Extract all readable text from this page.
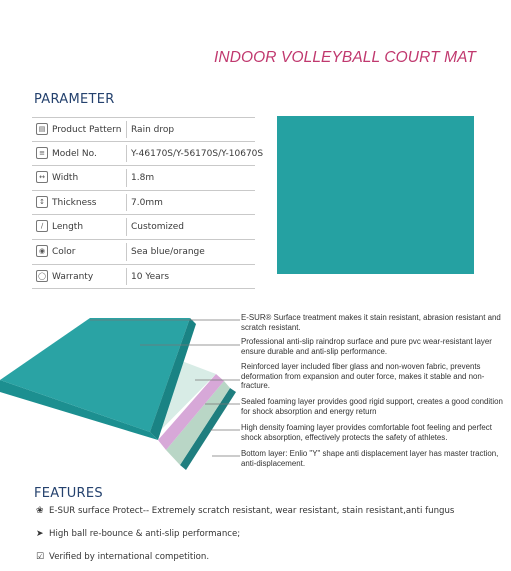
INDOOR VOLLEYBALL COURT MAT
PARAMETER
▤ Product Pattern Rain drop
≡ Model No.	Y-46170S/Y-56170S/Y-10670S
↔ Width	1.8m
↕ Thickness	7.0mm
∕ Length	Customized
◉ Color	Sea blue/orange
◯ Warranty	10 Years
E-SUR® Surface treatment makes it stain resistant, abrasion resistant and scratch resistant.
Professional anti-slip raindrop surface and pure pvc wear-resistant layer ensure durable and anti-slip performance.
Reinforced layer included fiber glass and non-woven fabric, prevents deformation from expansion and outer force, makes it stable and non-fracture.
Sealed foaming layer provides good rigid support, creates a good condition for shock absorption and energy return
High density foaming layer provides comfortable foot feeling and perfect shock absorption, effectively protects the safety of athletes.
Bottom layer: Enlio "Y" shape anti displacement layer has master traction, anti-displacement.
FEATURES
❀ E-SUR surface Protect-- Extremely scratch resistant, wear resistant, stain resistant,anti fungus
➤ High ball re-bounce & anti-slip performance;
☑ Verified by international competition.
